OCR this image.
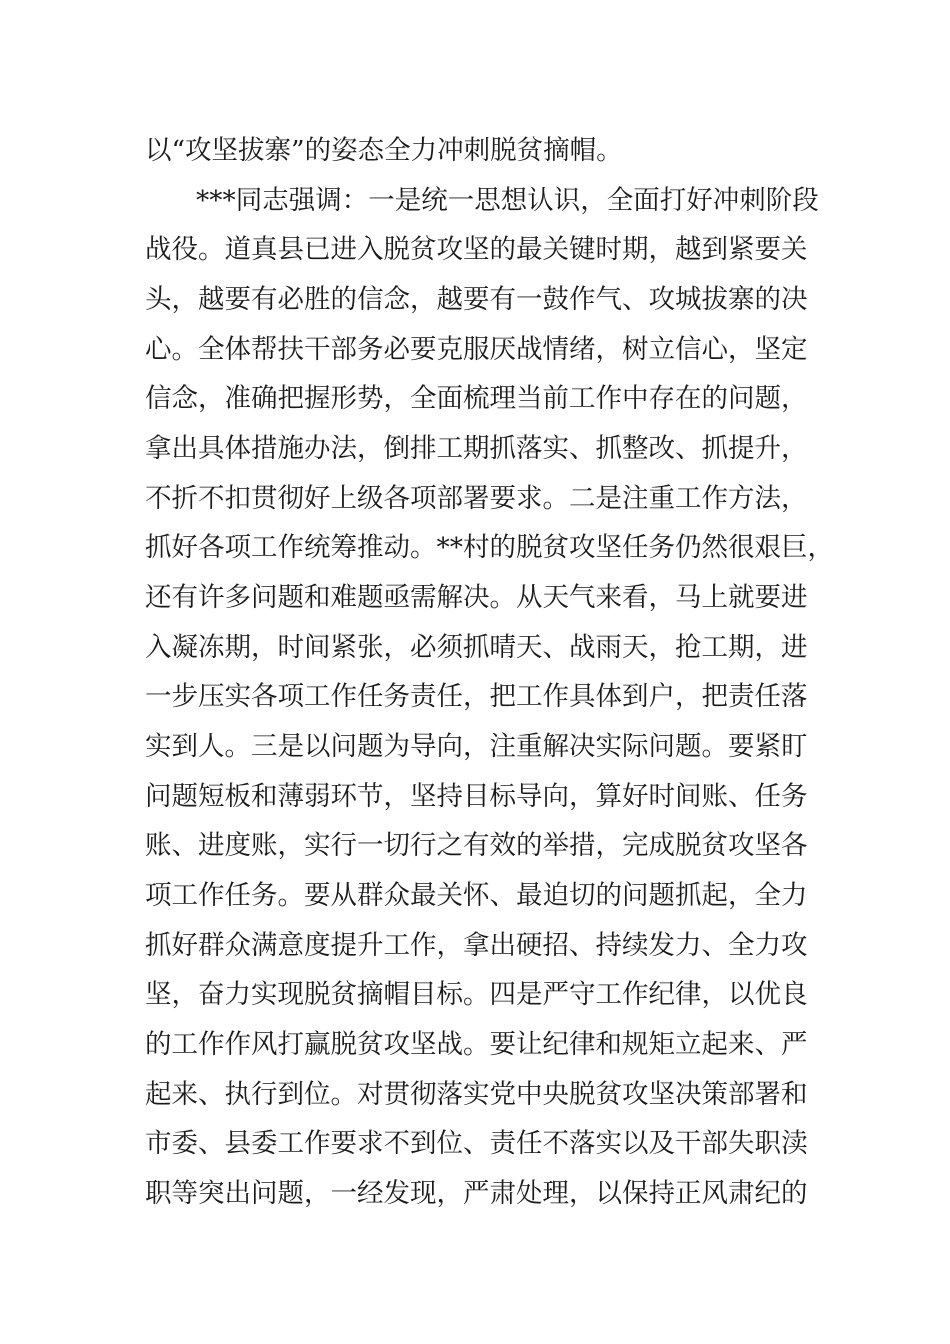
以“攻坚拔寨”的姿态全力冲刺脱贫摘帽。
***同志强调：一是统一思想认识，全面打好冲刺阶段
战役。道真县已进入脱贫攻坚的最关键时期，越到紧要关
头，越要有必胜的信念，越要有一鼓作气、攻城拔寨的决
心。全体帮扶干部务必要克服厌战情绪，树立信心，坚定
信念，准确把握形势，全面梳理当前工作中存在的问题，
拿出具体措施办法，倒排工期抓落实、抓整改、抓提升，
不折不扣贯彻好上级各项部署要求。二是注重工作方法，
抓好各项工作统筹推动。**村的脱贫攻坚任务仍然很艰巨，
还有许多问题和难题亟需解决。从天气来看，马上就要进
入凝冻期，时间紧张，必须抓晴天、战雨天，抢工期，进
一步压实各项工作任务责任，把工作具体到户，把责任落
实到人。三是以问题为导向，注重解决实际问题。要紧盯
问题短板和薄弱环节，坚持目标导向，算好时间账、任务
账、进度账，实行一切行之有效的举措，完成脱贫攻坚各
项工作任务。要从群众最关怀、最迫切的问题抓起，全力
抓好群众满意度提升工作，拿出硬招、持续发力、全力攻
坚，奋力实现脱贫摘帽目标。四是严守工作纪律，以优良
的工作作风打赢脱贫攻坚战。要让纪律和规矩立起来、严
起来、执行到位。对贯彻落实党中央脱贫攻坚决策部署和
市委、县委工作要求不到位、责任不落实以及干部失职渎
职等突出问题，一经发现，严肃处理，以保持正风肃纪的
